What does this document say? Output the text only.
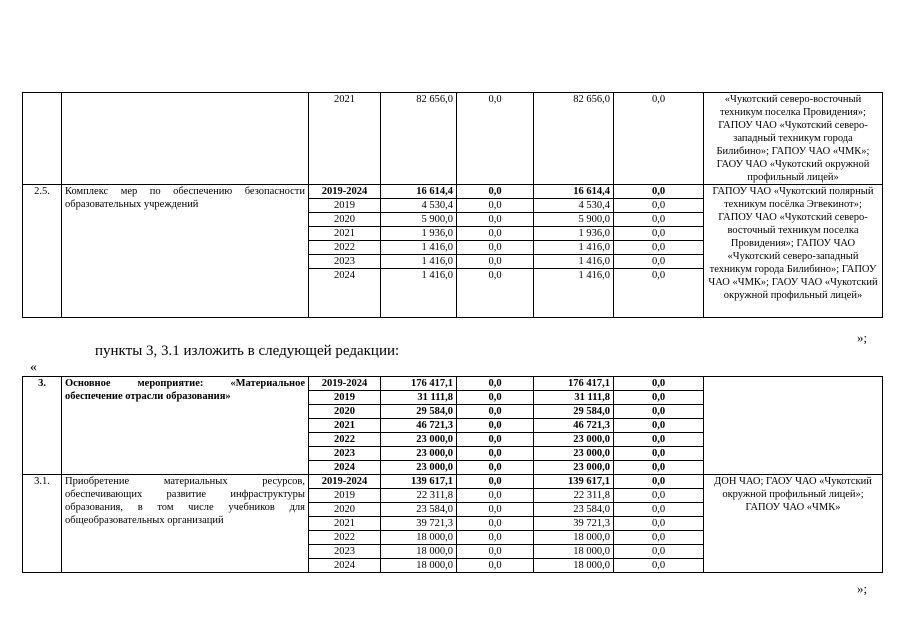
		2021	82 656,0	0,0	82 656,0	0,0	«Чукотский северо-восточный техникум поселка Провидения»; ГАПОУ ЧАО «Чукотский северо-западный техникум города Билибино»; ГАПОУ ЧАО «ЧМК»; ГАОУ ЧАО «Чукотский окружной профильный лицей»
2.5.	Комплекс мер по обеспечению безопасности образовательных учреждений	2019-2024	16 614,4	0,0	16 614,4	0,0	ГАПОУ ЧАО «Чукотский полярный техникум посёлка Эгвекинот»; ГАПОУ ЧАО «Чукотский северо-восточный техникум поселка Провидения»; ГАПОУ ЧАО «Чукотский северо-западный техникум города Билибино»; ГАПОУ ЧАО «ЧМК»; ГАОУ ЧАО «Чукотский окружной профильный лицей»
		2019	4 530,4	0,0	4 530,4	0,0	
		2020	5 900,0	0,0	5 900,0	0,0	
		2021	1 936,0	0,0	1 936,0	0,0	
		2022	1 416,0	0,0	1 416,0	0,0	
		2023	1 416,0	0,0	1 416,0	0,0	
		2024	1 416,0	0,0	1 416,0	0,0	
»;
пункты 3, 3.1 изложить в следующей редакции:
«
3.	Основное мероприятие: «Материальное обеспечение отрасли образования»	2019-2024	176 417,1	0,0	176 417,1	0,0	
		2019	31 111,8	0,0	31 111,8	0,0	
		2020	29 584,0	0,0	29 584,0	0,0	
		2021	46 721,3	0,0	46 721,3	0,0	
		2022	23 000,0	0,0	23 000,0	0,0	
		2023	23 000,0	0,0	23 000,0	0,0	
		2024	23 000,0	0,0	23 000,0	0,0	
3.1.	Приобретение материальных ресурсов, обеспечивающих развитие инфраструктуры образования, в том числе учебников для общеобразовательных организаций	2019-2024	139 617,1	0,0	139 617,1	0,0	ДОН ЧАО; ГАОУ ЧАО «Чукотский окружной профильный лицей»; ГАПОУ ЧАО «ЧМК»
		2019	22 311,8	0,0	22 311,8	0,0	
		2020	23 584,0	0,0	23 584,0	0,0	
		2021	39 721,3	0,0	39 721,3	0,0	
		2022	18 000,0	0,0	18 000,0	0,0	
		2023	18 000,0	0,0	18 000,0	0,0	
		2024	18 000,0	0,0	18 000,0	0,0	
»;
